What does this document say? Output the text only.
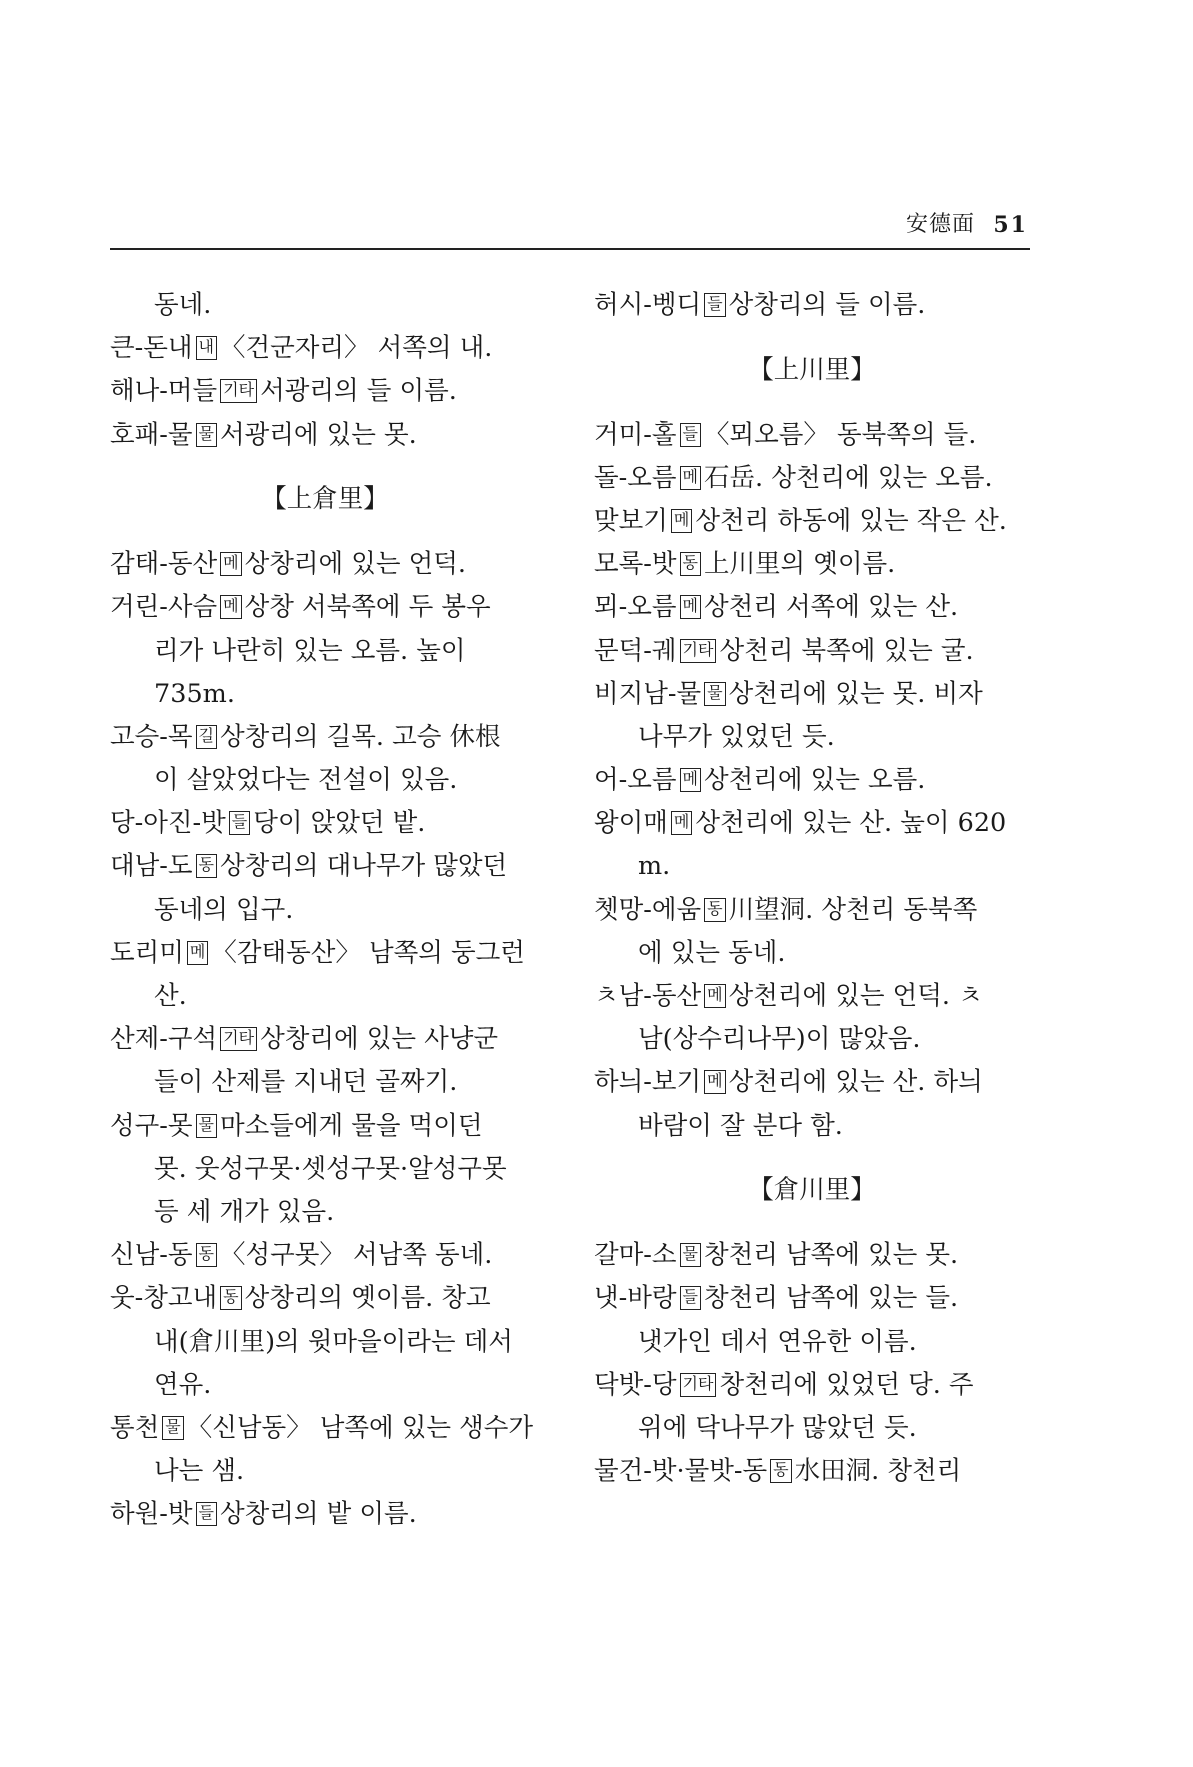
安德面 51
동네.
큰-돈내 내 〈건군자리〉 서쪽의 내.
해나-머들 기타 서광리의 들 이름.
호패-물 물 서광리에 있는 못.
【上倉里】
감태-동산 메 상창리에 있는 언덕.
거린-사슴 메 상창 서북쪽에 두 봉우
리가 나란히 있는 오름. 높이
735m.
고승-목 길 상창리의 길목. 고승 休根
이 살았었다는 전설이 있음.
당-아진-밧 들 당이 앉았던 밭.
대남-도 동 상창리의 대나무가 많았던
동네의 입구.
도리미 메 〈감태동산〉 남쪽의 둥그런
산.
산제-구석 기타 상창리에 있는 사냥군
들이 산제를 지내던 골짜기.
성구-못 물 마소들에게 물을 먹이던
못. 웃성구못·셋성구못·알성구못
등 세 개가 있음.
신남-동 동 〈성구못〉 서남쪽 동네.
웃-창고내 동 상창리의 옛이름. 창고
내(倉川里)의 윗마을이라는 데서
연유.
통천 물 〈신남동〉 남쪽에 있는 생수가
나는 샘.
하원-밧 들 상창리의 밭 이름.
허시-벵디 들 상창리의 들 이름.
【上川里】
거미-홀 들 〈뫼오름〉 동북쪽의 들.
돌-오름 메 石岳. 상천리에 있는 오름.
맞보기 메 상천리 하동에 있는 작은 산.
모록-밧 동 上川里의 옛이름.
뫼-오름 메 상천리 서쪽에 있는 산.
문덕-궤 기타 상천리 북쪽에 있는 굴.
비지남-물 물 상천리에 있는 못. 비자
나무가 있었던 듯.
어-오름 메 상천리에 있는 오름.
왕이매 메 상천리에 있는 산. 높이 620
m.
쳇망-에움 동 川望洞. 상천리 동북쪽
에 있는 동네.
ㅊ남-동산 메 상천리에 있는 언덕. ㅊ
남(상수리나무)이 많았음.
하늬-보기 메 상천리에 있는 산. 하늬
바람이 잘 분다 함.
【倉川里】
갈마-소 물 창천리 남쪽에 있는 못.
냇-바랑 들 창천리 남쪽에 있는 들.
냇가인 데서 연유한 이름.
닥밧-당 기타 창천리에 있었던 당. 주
위에 닥나무가 많았던 듯.
물건-밧·물밧-동 동 水田洞. 창천리
